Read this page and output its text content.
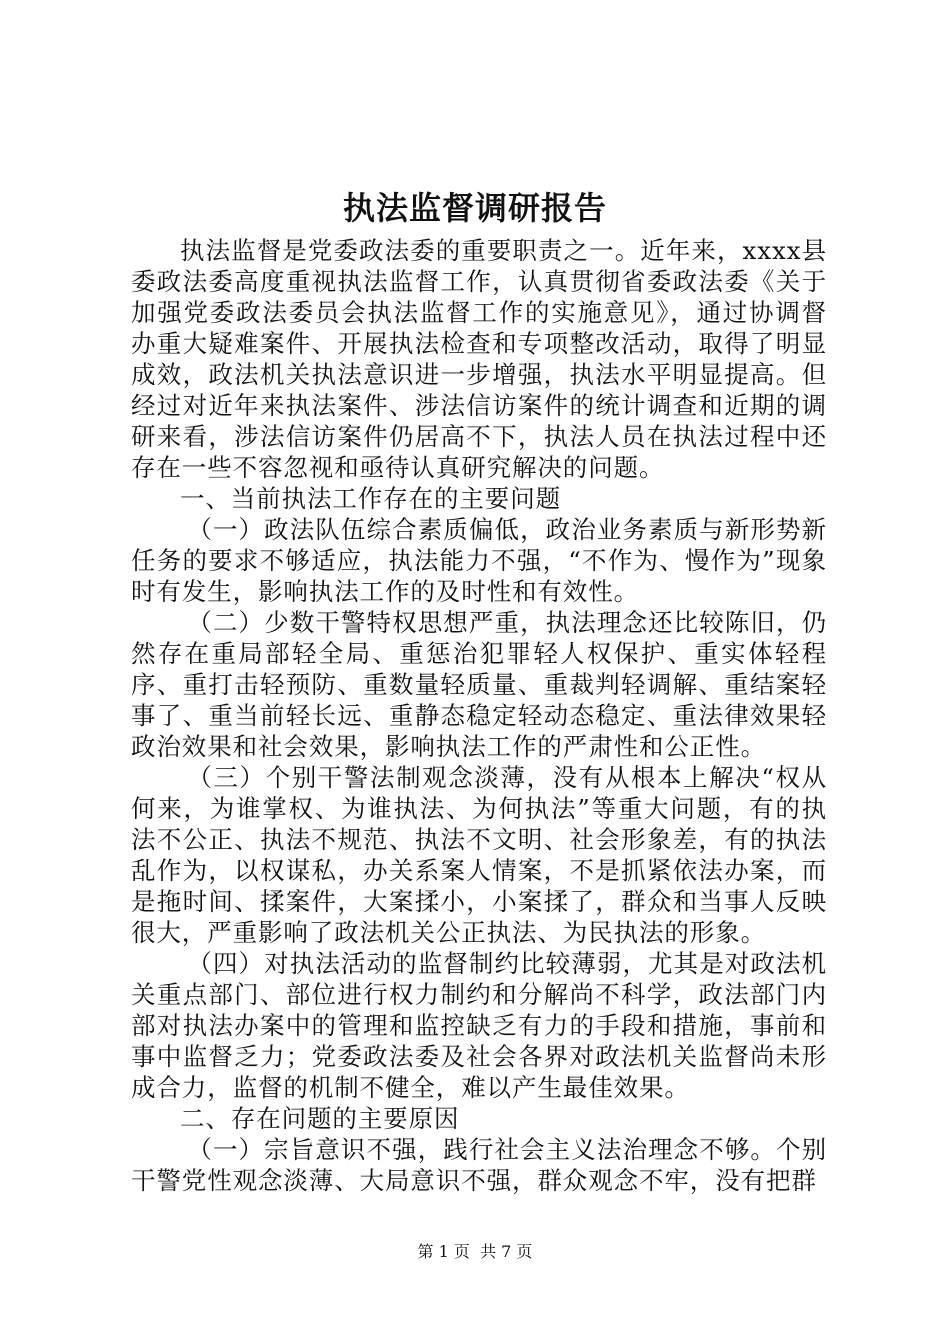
执法监督调研报告

执法监督是党委政法委的重要职责之一。近年来，xxxx县委政法委高度重视执法监督工作，认真贯彻省委政法委《关于加强党委政法委员会执法监督工作的实施意见》，通过协调督办重大疑难案件、开展执法检查和专项整改活动，取得了明显成效，政法机关执法意识进一步增强，执法水平明显提高。但经过对近年来执法案件、涉法信访案件的统计调查和近期的调研来看，涉法信访案件仍居高不下，执法人员在执法过程中还存在一些不容忽视和亟待认真研究解决的问题。

一、当前执法工作存在的主要问题

（一）政法队伍综合素质偏低，政治业务素质与新形势新任务的要求不够适应，执法能力不强，“不作为、慢作为”现象时有发生，影响执法工作的及时性和有效性。

（二）少数干警特权思想严重，执法理念还比较陈旧，仍然存在重局部轻全局、重惩治犯罪轻人权保护、重实体轻程序、重打击轻预防、重数量轻质量、重裁判轻调解、重结案轻事了、重当前轻长远、重静态稳定轻动态稳定、重法律效果轻政治效果和社会效果，影响执法工作的严肃性和公正性。

（三）个别干警法制观念淡薄，没有从根本上解决“权从何来，为谁掌权、为谁执法、为何执法”等重大问题，有的执法不公正、执法不规范、执法不文明、社会形象差，有的执法乱作为，以权谋私，办关系案人情案，不是抓紧依法办案，而是拖时间、揉案件，大案揉小，小案揉了，群众和当事人反映很大，严重影响了政法机关公正执法、为民执法的形象。

（四）对执法活动的监督制约比较薄弱，尤其是对政法机关重点部门、部位进行权力制约和分解尚不科学，政法部门内部对执法办案中的管理和监控缺乏有力的手段和措施，事前和事中监督乏力；党委政法委及社会各界对政法机关监督尚未形成合力，监督的机制不健全，难以产生最佳效果。

二、存在问题的主要原因

（一）宗旨意识不强，践行社会主义法治理念不够。个别干警党性观念淡薄、大局意识不强，群众观念不牢，没有把群

第 1 页  共 7 页
